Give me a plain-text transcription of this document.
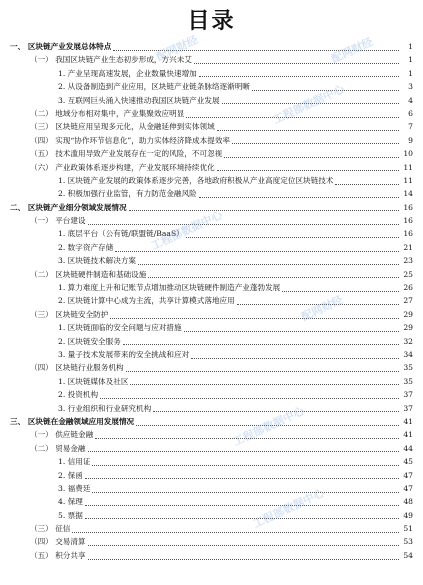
目录
一、 区块链产业发展总体特点	1
（一） 我国区块链产业生态初步形成，方兴未艾	1
1. 产业呈现高速发展，企业数量快速增加	1
2. 从设备制造到产业应用，区块链产业链条脉络逐渐明晰	3
3. 互联网巨头涌入快速推动我国区块链产业发展	4
（二） 地域分布相对集中，产业集聚效应明显	6
（三） 区块链应用呈现多元化，从金融延伸到实体领域	7
（四） 实现“协作环节信息化”，助力实体经济降成本提效率	9
（五） 技术滥用导致产业发展存在一定的风险，不可忽视	10
（六） 产业政策体系逐步构建，产业发展环境持续优化	11
1. 区块链产业发展的政策体系逐步完善，各地政府积极从产业高度定位区块链技术	11
2. 积极加强行业监管，有力防范金融风险	14
二、 区块链产业细分领域发展情况	16
（一） 平台建设	16
1. 底层平台（公有链/联盟链/BaaS）	16
2. 数字资产存储	21
3. 区块链技术解决方案	23
（二） 区块链硬件制造和基础设施	25
1. 算力难度上升和记账节点增加推动区块链硬件制造产业蓬勃发展	26
2. 区块链计算中心成为主流，共享计算模式落地应用	27
（三） 区块链安全防护	29
1. 区块链面临的安全问题与应对措施	29
2. 区块链安全服务	32
3. 量子技术发展带来的安全挑战和应对	34
（四） 区块链行业服务机构	35
1. 区块链媒体及社区	35
2. 投资机构	37
3. 行业组织和行业研究机构	37
三、 区块链在金融领域应用发展情况	41
（一） 供应链金融	41
（二） 贸易金融	44
1. 信用证	45
2. 保函	47
3. 福费廷	47
4. 保理	48
5. 票据	49
（三） 征信	51
（四） 交易清算	53
（五） 积分共享	54
配网财经	配网财经
工程部数据中心
工程部数据中心
配网财经
工程部数据中心
工程部数据中心
